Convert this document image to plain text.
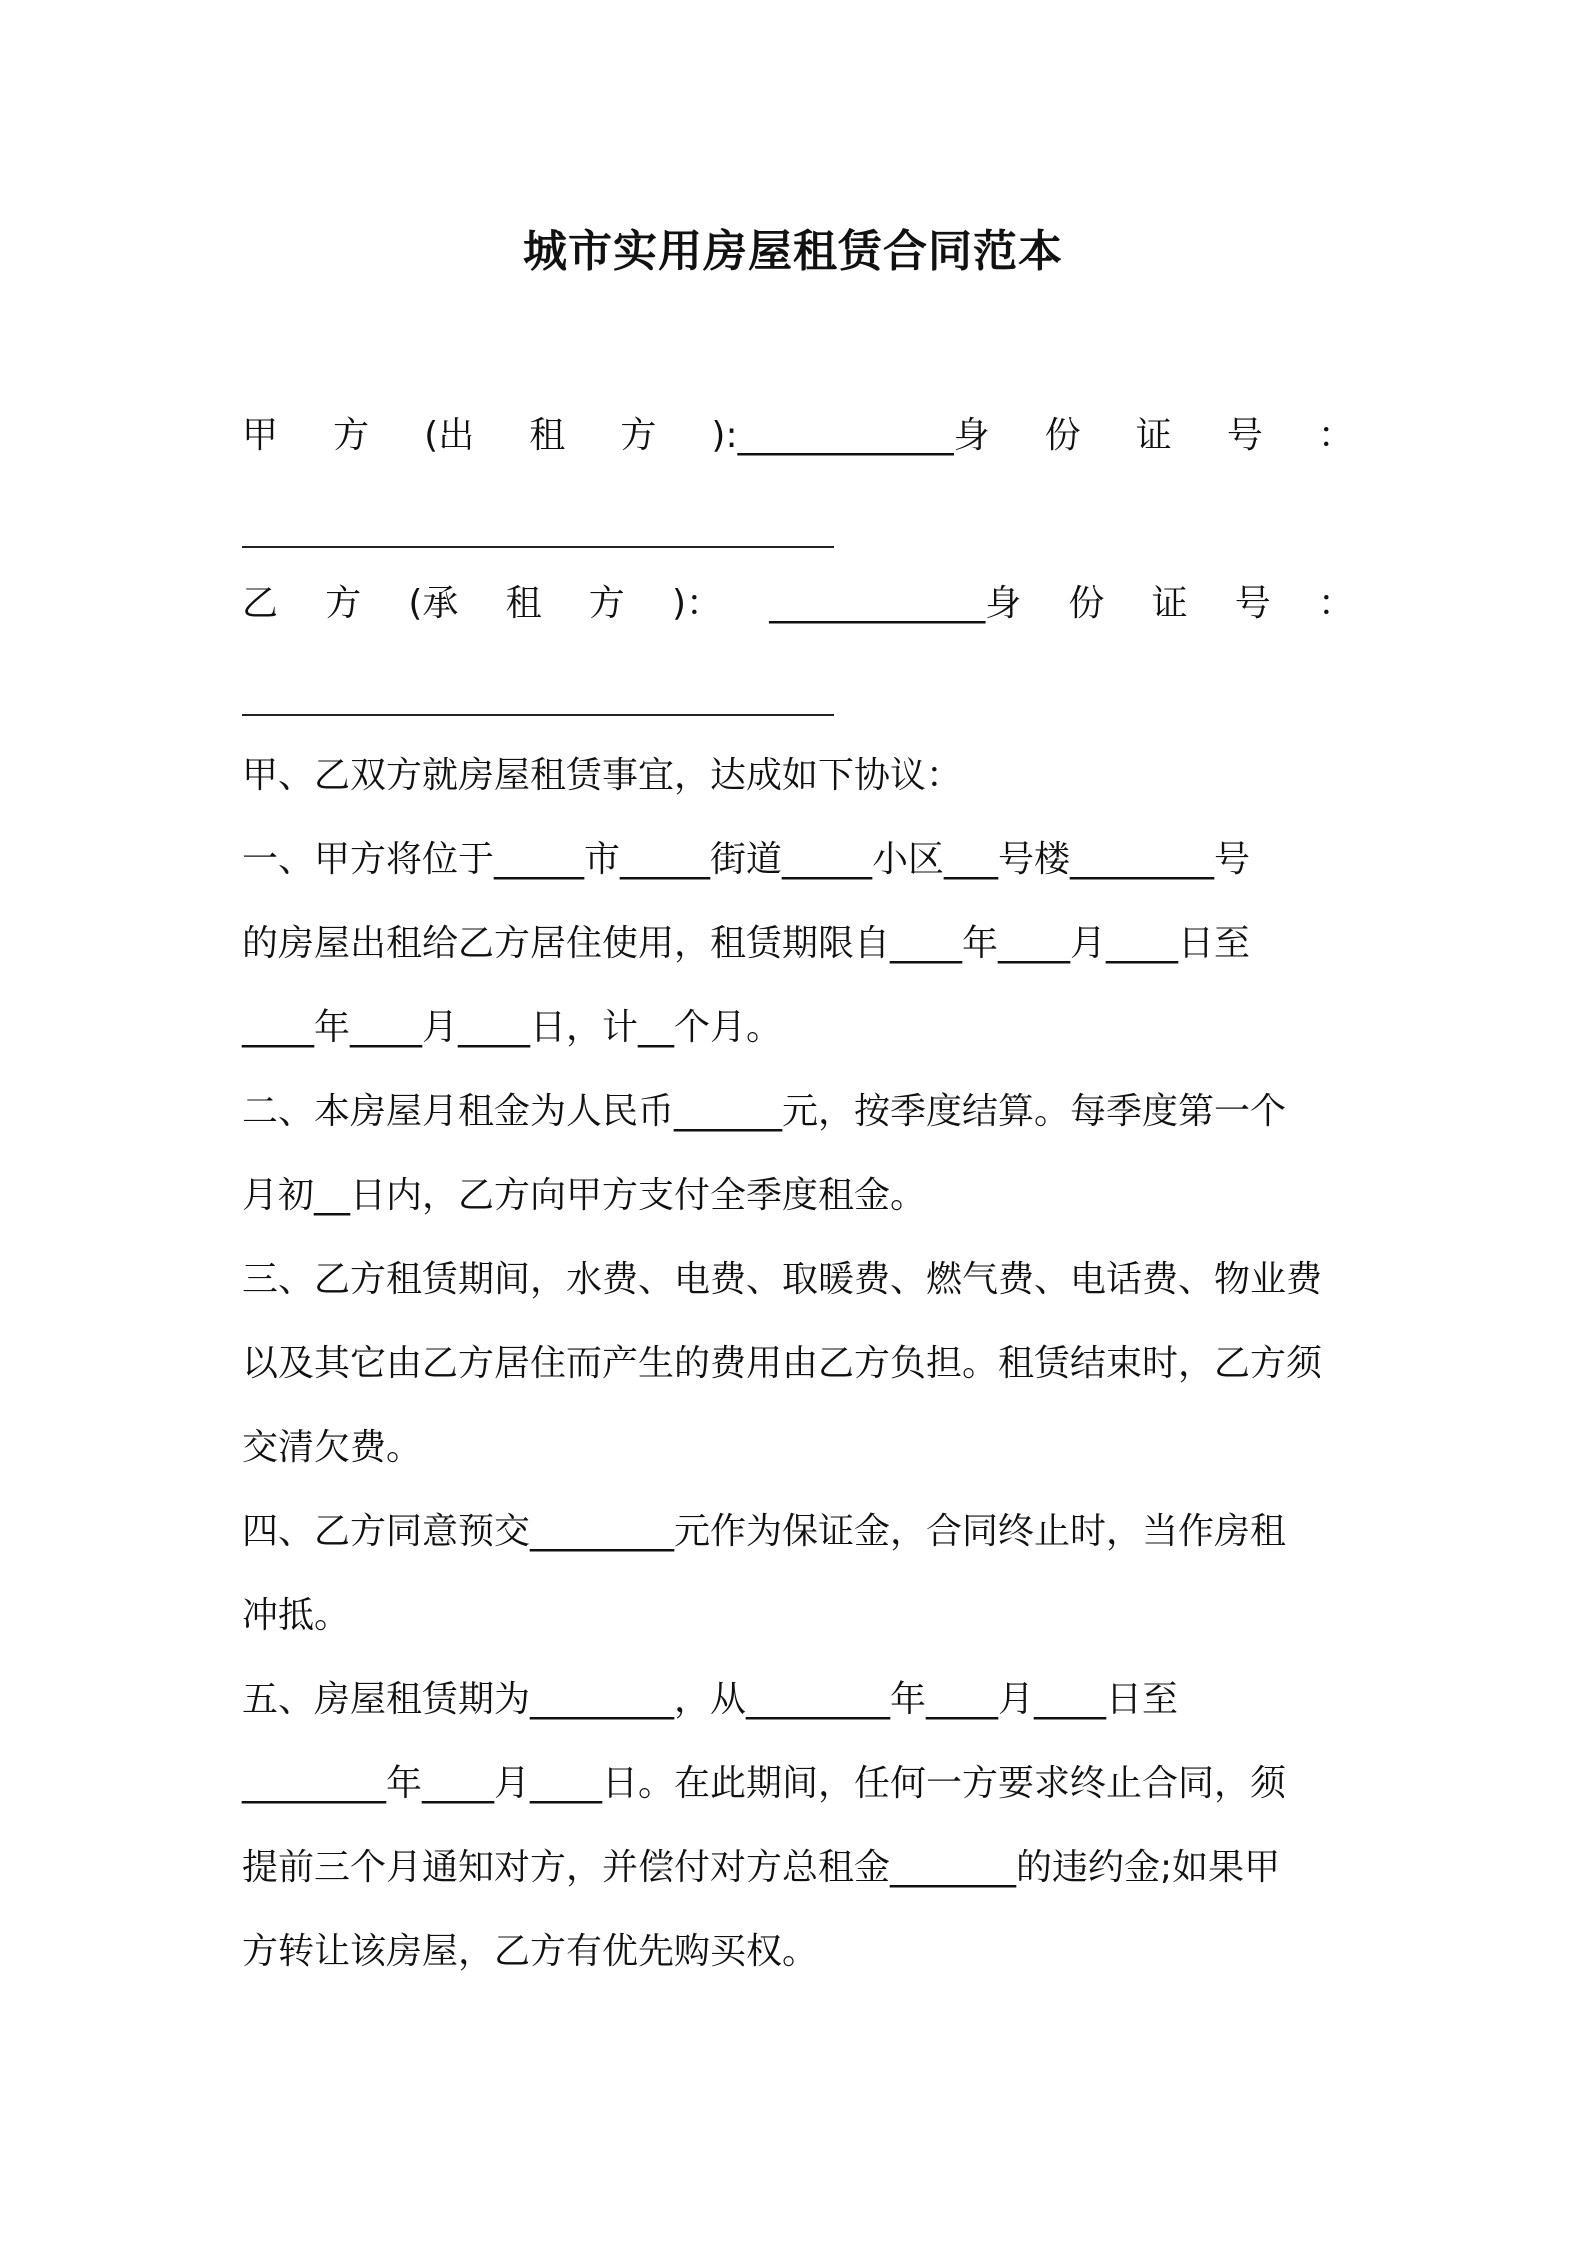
城市实用房屋租赁合同范本
甲 方 (出 租 方 ):____________身 份 证 号 ：
乙 方 (承 租 方 )： ____________身 份 证 号 ：
甲、乙双方就房屋租赁事宜，达成如下协议：
一、甲方将位于_____市_____街道_____小区___号楼________号
的房屋出租给乙方居住使用，租赁期限自____年____月____日至
____年____月____日，计__个月。
二、本房屋月租金为人民币______元，按季度结算。每季度第一个
月初__日内，乙方向甲方支付全季度租金。
三、乙方租赁期间，水费、电费、取暖费、燃气费、电话费、物业费
以及其它由乙方居住而产生的费用由乙方负担。租赁结束时，乙方须
交清欠费。
四、乙方同意预交________元作为保证金，合同终止时，当作房租
冲抵。
五、房屋租赁期为________，从________年____月____日至
________年____月____日。在此期间，任何一方要求终止合同，须
提前三个月通知对方，并偿付对方总租金_______的违约金;如果甲
方转让该房屋，乙方有优先购买权。
